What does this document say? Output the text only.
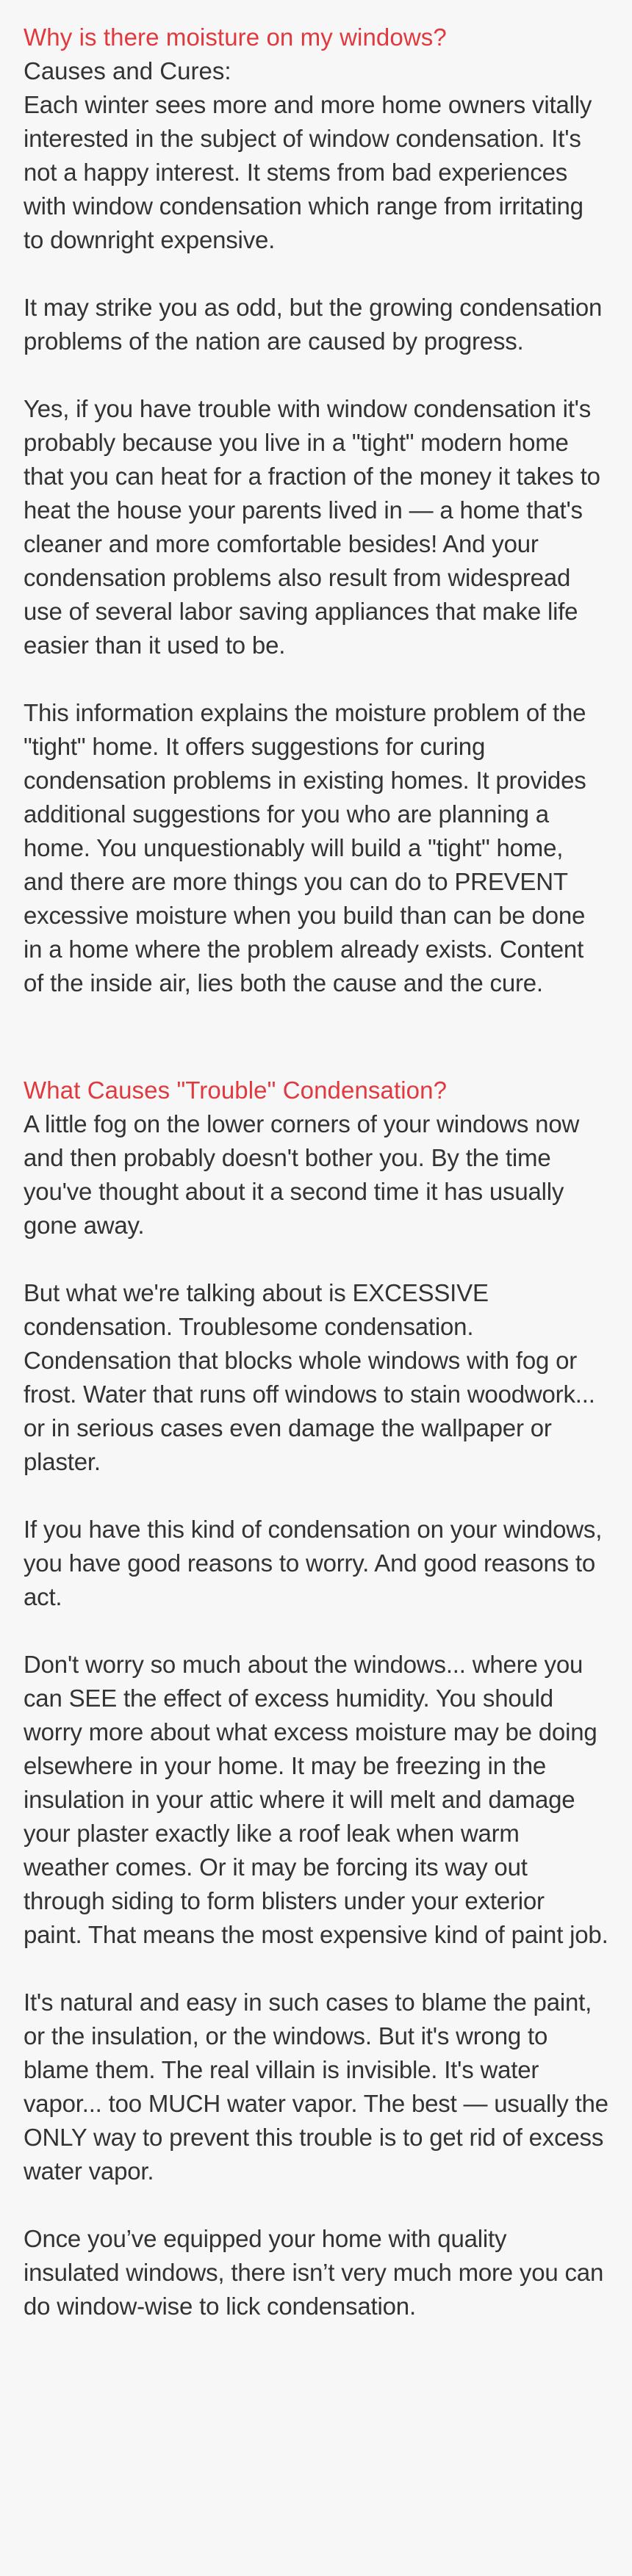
Why is there moisture on my windows?
Causes and Cures:

Each winter sees more and more home owners vitally interested in the subject of window condensation. It's not a happy interest. It stems from bad experiences with window condensation which range from irritating to downright expensive.

It may strike you as odd, but the growing condensation problems of the nation are caused by progress.

Yes, if you have trouble with window condensation it's probably because you live in a "tight" modern home that you can heat for a fraction of the money it takes to heat the house your parents lived in — a home that's cleaner and more comfortable besides! And your condensation problems also result from widespread use of several labor saving appliances that make life easier than it used to be.

This information explains the moisture problem of the "tight" home. It offers suggestions for curing condensation problems in existing homes. It provides additional suggestions for you who are planning a home. You unquestionably will build a "tight" home, and there are more things you can do to PREVENT excessive moisture when you build than can be done in a home where the problem already exists. Content of the inside air, lies both the cause and the cure.

What Causes "Trouble" Condensation?

A little fog on the lower corners of your windows now and then probably doesn't bother you. By the time you've thought about it a second time it has usually gone away.

But what we're talking about is EXCESSIVE condensation. Troublesome condensation. Condensation that blocks whole windows with fog or frost. Water that runs off windows to stain woodwork... or in serious cases even damage the wallpaper or plaster.

If you have this kind of condensation on your windows, you have good reasons to worry. And good reasons to act.

Don't worry so much about the windows... where you can SEE the effect of excess humidity. You should worry more about what excess moisture may be doing elsewhere in your home. It may be freezing in the insulation in your attic where it will melt and damage your plaster exactly like a roof leak when warm weather comes. Or it may be forcing its way out through siding to form blisters under your exterior paint. That means the most expensive kind of paint job.

It's natural and easy in such cases to blame the paint, or the insulation, or the windows. But it's wrong to blame them. The real villain is invisible. It's water vapor... too MUCH water vapor. The best — usually the ONLY way to prevent this trouble is to get rid of excess water vapor.

Once you’ve equipped your home with quality insulated windows, there isn’t very much more you can do window-wise to lick condensation.
